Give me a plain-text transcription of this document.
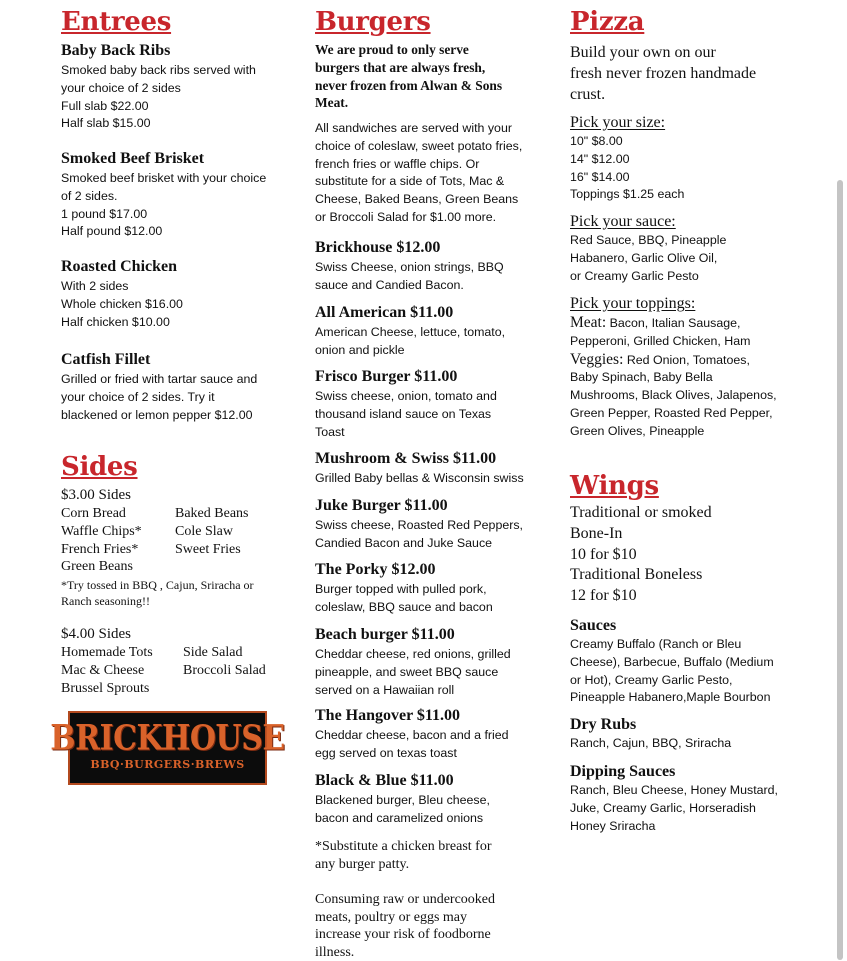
Entrees
Baby Back Ribs
Smoked baby back ribs served with
your choice of 2 sides
Full slab $22.00
Half slab $15.00
Smoked Beef Brisket
Smoked beef brisket with your choice
of 2 sides.
1 pound $17.00
Half pound $12.00
Roasted Chicken
With 2 sides
Whole chicken $16.00
Half chicken $10.00
Catfish Fillet
Grilled or fried with tartar sauce and
your choice of 2 sides. Try it
blackened or lemon pepper $12.00
Sides
$3.00 Sides
Corn Bread	Baked Beans
Waffle Chips*	Cole Slaw
French Fries*	Sweet Fries
Green Beans
*Try tossed in BBQ , Cajun, Sriracha or Ranch seasoning!!
$4.00 Sides
Homemade Tots	Side Salad
Mac & Cheese	Broccoli Salad
Brussel Sprouts
BRICKHOUSE
BBQ·BURGERS·BREWS
Burgers
We are proud to only serve
burgers that are always fresh,
never frozen from Alwan & Sons
Meat.
All sandwiches are served with your
choice of coleslaw, sweet potato fries,
french fries or waffle chips. Or
substitute for a side of Tots, Mac &
Cheese, Baked Beans, Green Beans
or Broccoli Salad for $1.00 more.
Brickhouse $12.00
Swiss Cheese, onion strings, BBQ
sauce and Candied Bacon.
All American $11.00
American Cheese, lettuce, tomato,
onion and pickle
Frisco Burger $11.00
Swiss cheese, onion, tomato and
thousand island sauce on Texas
Toast
Mushroom & Swiss $11.00
Grilled Baby bellas & Wisconsin swiss
Juke Burger $11.00
Swiss cheese, Roasted Red Peppers,
Candied Bacon and Juke Sauce
The Porky $12.00
Burger topped with pulled pork,
coleslaw, BBQ sauce and bacon
Beach burger $11.00
Cheddar cheese, red onions, grilled
pineapple, and sweet BBQ sauce
served on a Hawaiian roll
The Hangover $11.00
Cheddar cheese, bacon and a fried
egg served on texas toast
Black & Blue $11.00
Blackened burger, Bleu cheese,
bacon and caramelized onions
*Substitute a chicken breast for
any burger patty.
Consuming raw or undercooked
meats, poultry or eggs may
increase your risk of foodborne
illness.
Pizza
Build your own on our
fresh never frozen handmade
crust.
Pick your size:
10" $8.00
14" $12.00
16" $14.00
Toppings $1.25 each
Pick your sauce:
Red Sauce, BBQ, Pineapple
Habanero, Garlic Olive Oil,
or Creamy Garlic Pesto
Pick your toppings:
Meat: Bacon, Italian Sausage,
Pepperoni, Grilled Chicken, Ham
Veggies: Red Onion, Tomatoes,
Baby Spinach, Baby Bella
Mushrooms, Black Olives, Jalapenos,
Green Pepper, Roasted Red Pepper,
Green Olives, Pineapple
Wings
Traditional or smoked
Bone-In
10 for $10
Traditional Boneless
12 for $10
Sauces
Creamy Buffalo (Ranch or Bleu
Cheese), Barbecue, Buffalo (Medium
or Hot), Creamy Garlic Pesto,
Pineapple Habanero,Maple Bourbon
Dry Rubs
Ranch, Cajun, BBQ, Sriracha
Dipping Sauces
Ranch, Bleu Cheese, Honey Mustard,
Juke, Creamy Garlic, Horseradish
Honey Sriracha
